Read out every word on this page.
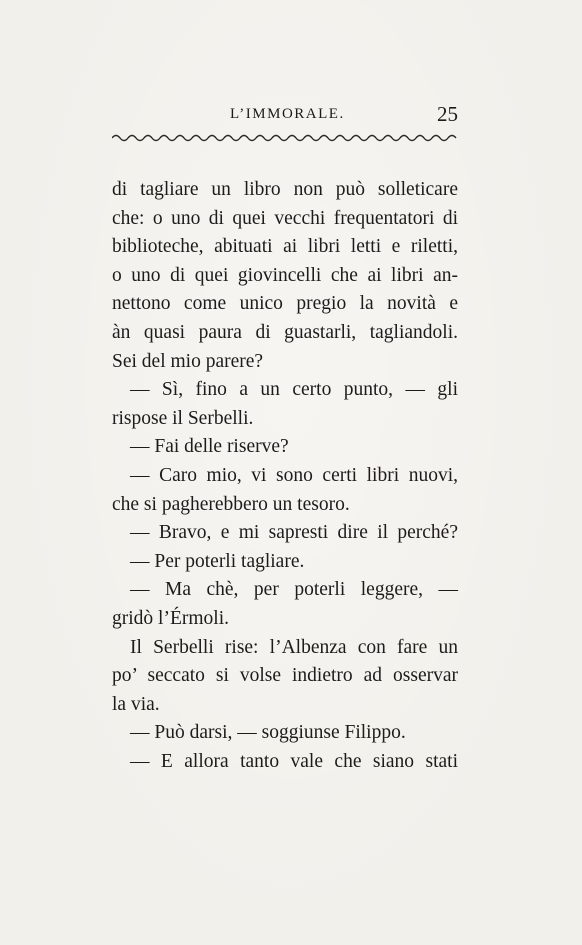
L’IMMORALE.	25
di tagliare un libro non può solleticare
che: o uno di quei vecchi frequentatori di
biblioteche, abituati ai libri letti e riletti,
o uno di quei giovincelli che ai libri an-
nettono come unico pregio la novità e
àn quasi paura di guastarli, tagliandoli.
Sei del mio parere?
— Sì, fino a un certo punto, — gli
rispose il Serbelli.
— Fai delle riserve?
— Caro mio, vi sono certi libri nuovi,
che si pagherebbero un tesoro.
— Bravo, e mi sapresti dire il perché?
— Per poterli tagliare.
— Ma chè, per poterli leggere, —
gridò l’Érmoli.
Il Serbelli rise: l’Albenza con fare un
po’ seccato si volse indietro ad osservar
la via.
— Può darsi, — soggiunse Filippo.
— E allora tanto vale che siano stati
